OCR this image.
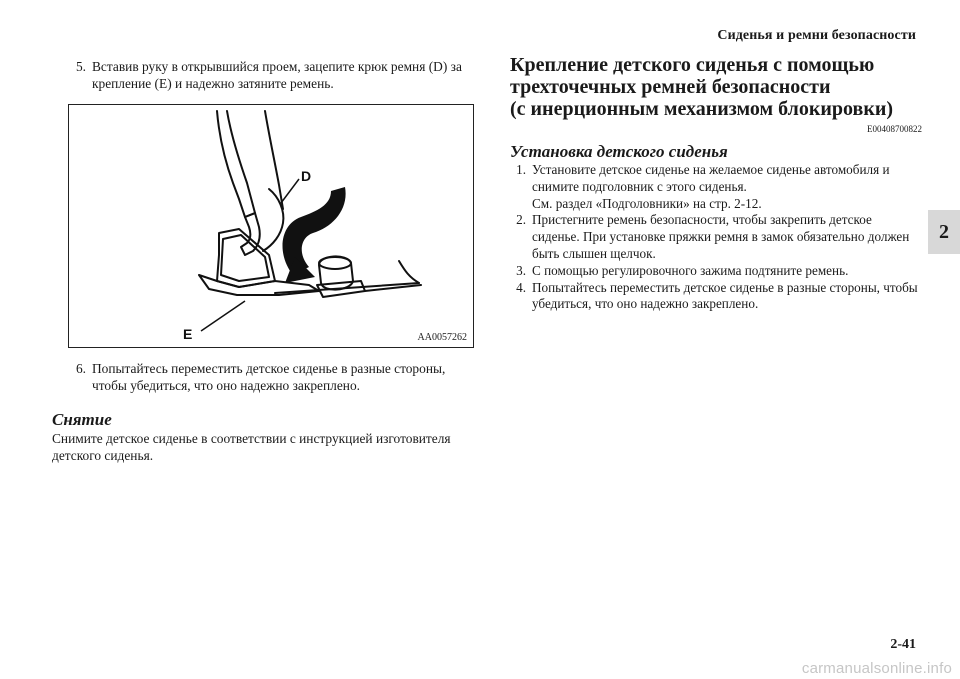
Сиденья и ремни безопасности
2
5. Вставив руку в открывшийся проем, зацепите крюк ремня (D) за крепление (E) и надежно затяните ремень.
D
E	AA0057262
6. Попытайтесь переместить детское сиденье в разные стороны, чтобы убедиться, что оно надежно закреплено.
Снятие
Снимите детское сиденье в соответствии с инструкцией изготовителя детского сиденья.
Крепление детского сиденья с помощью
трехточечных ремней безопасности
(с инерционным механизмом блокировки)
E00408700822
Установка детского сиденья
1. Установите детское сиденье на желаемое сиденье автомобиля и снимите подголовник с этого сиденья.
См. раздел «Подголовники» на стр. 2-12.
2. Пристегните ремень безопасности, чтобы закрепить детское сиденье. При установке пряжки ремня в замок обязательно должен быть слышен щелчок.
3. С помощью регулировочного зажима подтяните ремень.
4. Попытайтесь переместить детское сиденье в разные стороны, чтобы убедиться, что оно надежно закреплено.
2-41
carmanualsonline.info
